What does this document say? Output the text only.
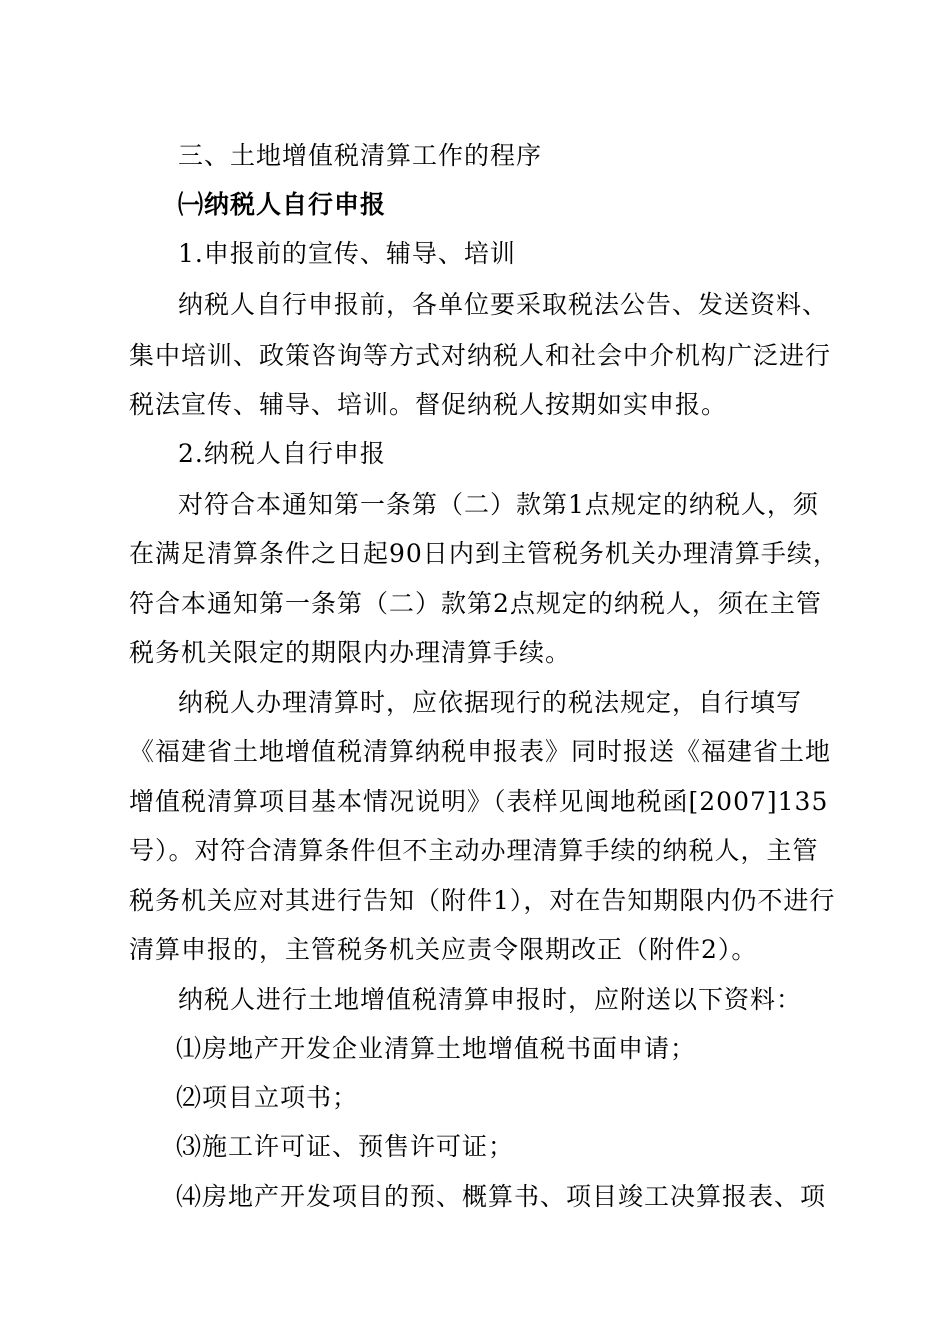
三、土地增值税清算工作的程序
㈠纳税人自行申报
1.申报前的宣传、辅导、培训
纳税人自行申报前，各单位要采取税法公告、发送资料、
集中培训、政策咨询等方式对纳税人和社会中介机构广泛进行
税法宣传、辅导、培训。督促纳税人按期如实申报。
2.纳税人自行申报
对符合本通知第一条第（二）款第1点规定的纳税人，须
在满足清算条件之日起90日内到主管税务机关办理清算手续，
符合本通知第一条第（二）款第2点规定的纳税人，须在主管
税务机关限定的期限内办理清算手续。
纳税人办理清算时，应依据现行的税法规定，自行填写
《福建省土地增值税清算纳税申报表》同时报送《福建省土地
增值税清算项目基本情况说明》（表样见闽地税函[2007]135
号）。对符合清算条件但不主动办理清算手续的纳税人，主管
税务机关应对其进行告知（附件1），对在告知期限内仍不进行
清算申报的，主管税务机关应责令限期改正（附件2）。
纳税人进行土地增值税清算申报时，应附送以下资料：
⑴房地产开发企业清算土地增值税书面申请；
⑵项目立项书；
⑶施工许可证、预售许可证；
⑷房地产开发项目的预、概算书、项目竣工决算报表、项
